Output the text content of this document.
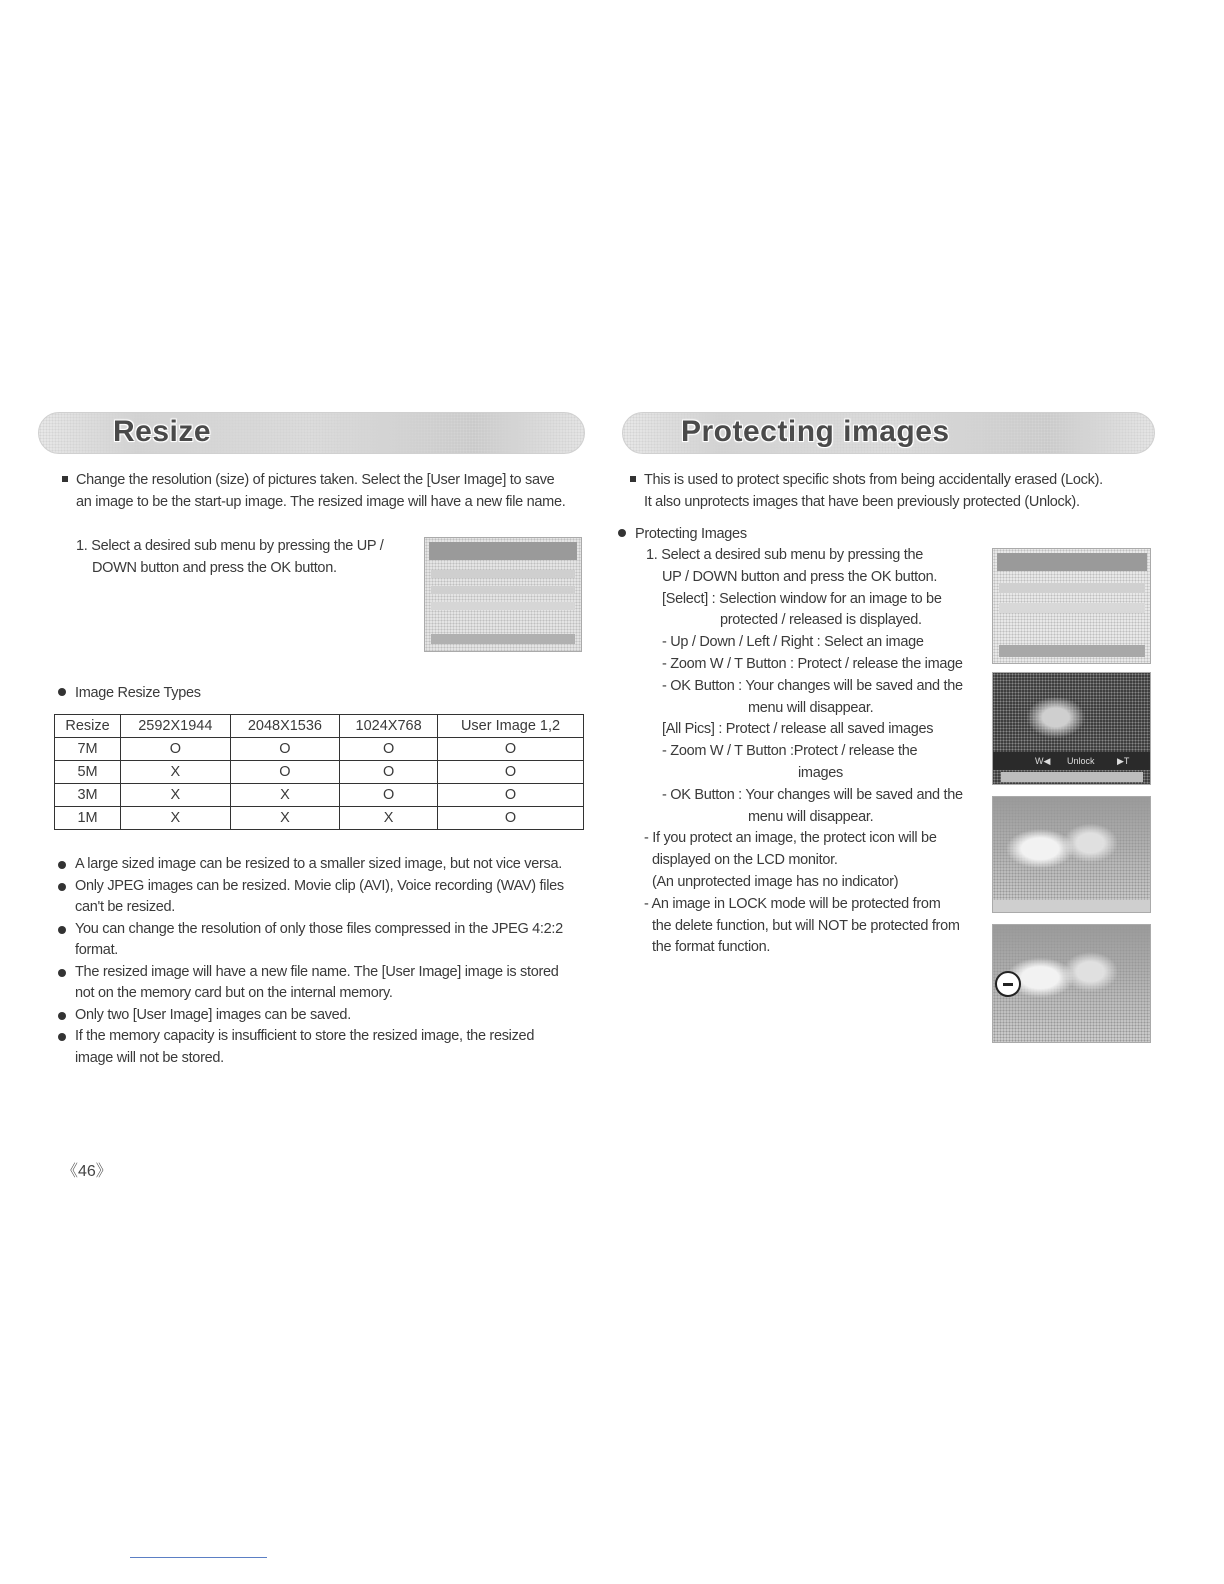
Resize
Change the resolution (size) of pictures taken. Select the [User Image] to save
an image to be the start-up image. The resized image will have a new file name.
1. Select a desired sub menu by pressing the UP /
DOWN button and press the OK button.
Image Resize Types
Resize	2592X1944	2048X1536	1024X768	User Image 1,2
7M	O	O	O	O
5M	X	O	O	O
3M	X	X	O	O
1M	X	X	X	O
A large sized image can be resized to a smaller sized image, but not vice versa.
Only JPEG images can be resized. Movie clip (AVI), Voice recording (WAV) files
can't be resized.
You can change the resolution of only those files compressed in the JPEG 4:2:2
format.
The resized image will have a new file name. The [User Image] image is stored
not on the memory card but on the internal memory.
Only two [User Image] images can be saved.
If the memory capacity is insufficient to store the resized image, the resized
image will not be stored.
Protecting images
This is used to protect specific shots from being accidentally erased (Lock).
It also unprotects images that have been previously protected (Unlock).
Protecting Images
1. Select a desired sub menu by pressing the
UP / DOWN button and press the OK button.
[Select] : Selection window for an image to be
protected / released is displayed.
- Up / Down / Left / Right : Select an image
- Zoom W / T Button : Protect / release the image
- OK Button : Your changes will be saved and the
menu will disappear.
[All Pics] : Protect / release all saved images
- Zoom W / T Button :Protect / release the
images
- OK Button : Your changes will be saved and the
menu will disappear.
- If you protect an image, the protect icon will be
displayed on the LCD monitor.
(An unprotected image has no indicator)
- An image in LOCK mode will be protected from
the delete function, but will NOT be protected from
the format function.
W◀ Unlock ▶T
《46》
